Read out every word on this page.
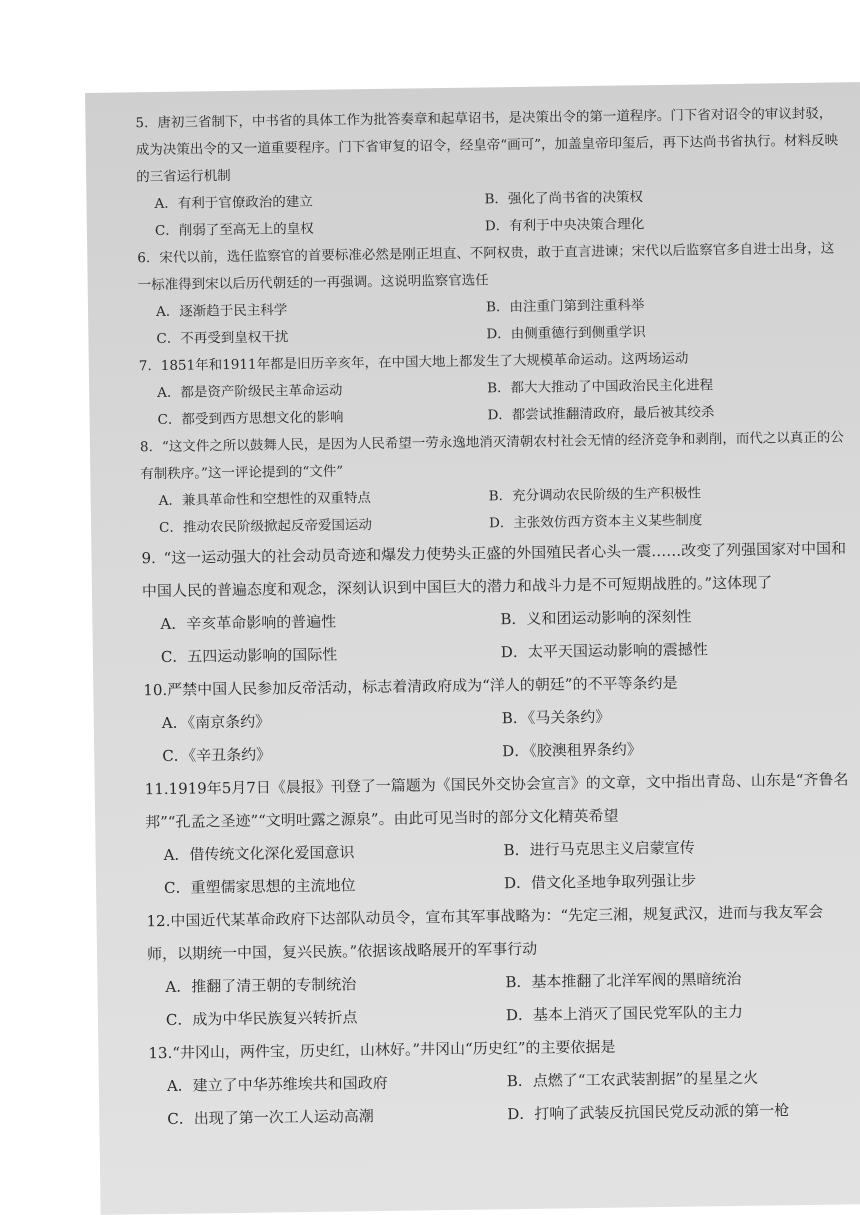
5. 唐初三省制下，中书省的具体工作为批答奏章和起草诏书，是决策出令的第一道程序。门下省对诏令的审议封驳，成为决策出令的又一道重要程序。门下省审复的诏令，经皇帝“画可”，加盖皇帝印玺后，再下达尚书省执行。材料反映的三省运行机制
A．有利于官僚政治的建立	B．强化了尚书省的决策权
C．削弱了至高无上的皇权	D．有利于中央决策合理化
6. 宋代以前，选任监察官的首要标准必然是刚正坦直、不阿权贵，敢于直言进谏；宋代以后监察官多自进士出身，这一标准得到宋以后历代朝廷的一再强调。这说明监察官选任
A．逐渐趋于民主科学	B．由注重门第到注重科举
C．不再受到皇权干扰	D．由侧重德行到侧重学识
7. 1851年和1911年都是旧历辛亥年，在中国大地上都发生了大规模革命运动。这两场运动
A．都是资产阶级民主革命运动	B．都大大推动了中国政治民主化进程
C．都受到西方思想文化的影响	D．都尝试推翻清政府，最后被其绞杀
8. “这文件之所以鼓舞人民，是因为人民希望一劳永逸地消灭清朝农村社会无情的经济竞争和剥削，而代之以真正的公有制秩序。”这一评论提到的“文件”
A．兼具革命性和空想性的双重特点	B．充分调动农民阶级的生产积极性
C．推动农民阶级掀起反帝爱国运动	D．主张效仿西方资本主义某些制度
9. “这一运动强大的社会动员奇迹和爆发力使势头正盛的外国殖民者心头一震……改变了列强国家对中国和中国人民的普遍态度和观念，深刻认识到中国巨大的潜力和战斗力是不可短期战胜的。”这体现了
A．辛亥革命影响的普遍性	B．义和团运动影响的深刻性
C．五四运动影响的国际性	D．太平天国运动影响的震撼性
10.严禁中国人民参加反帝活动，标志着清政府成为“洋人的朝廷”的不平等条约是
A．《南京条约》	B．《马关条约》
C．《辛丑条约》	D．《胶澳租界条约》
11.1919年5月7日《晨报》刊登了一篇题为《国民外交协会宣言》的文章，文中指出青岛、山东是“齐鲁名邦”“孔孟之圣迹”“文明吐露之源泉”。由此可见当时的部分文化精英希望
A．借传统文化深化爱国意识	B．进行马克思主义启蒙宣传
C．重塑儒家思想的主流地位	D．借文化圣地争取列强让步
12.中国近代某革命政府下达部队动员令，宣布其军事战略为：“先定三湘，规复武汉，进而与我友军会师，以期统一中国，复兴民族。”依据该战略展开的军事行动
A．推翻了清王朝的专制统治	B．基本推翻了北洋军阀的黑暗统治
C．成为中华民族复兴转折点	D．基本上消灭了国民党军队的主力
13.“井冈山，两件宝，历史红，山林好。”井冈山“历史红”的主要依据是
A．建立了中华苏维埃共和国政府	B．点燃了“工农武装割据”的星星之火
C．出现了第一次工人运动高潮	D．打响了武装反抗国民党反动派的第一枪
